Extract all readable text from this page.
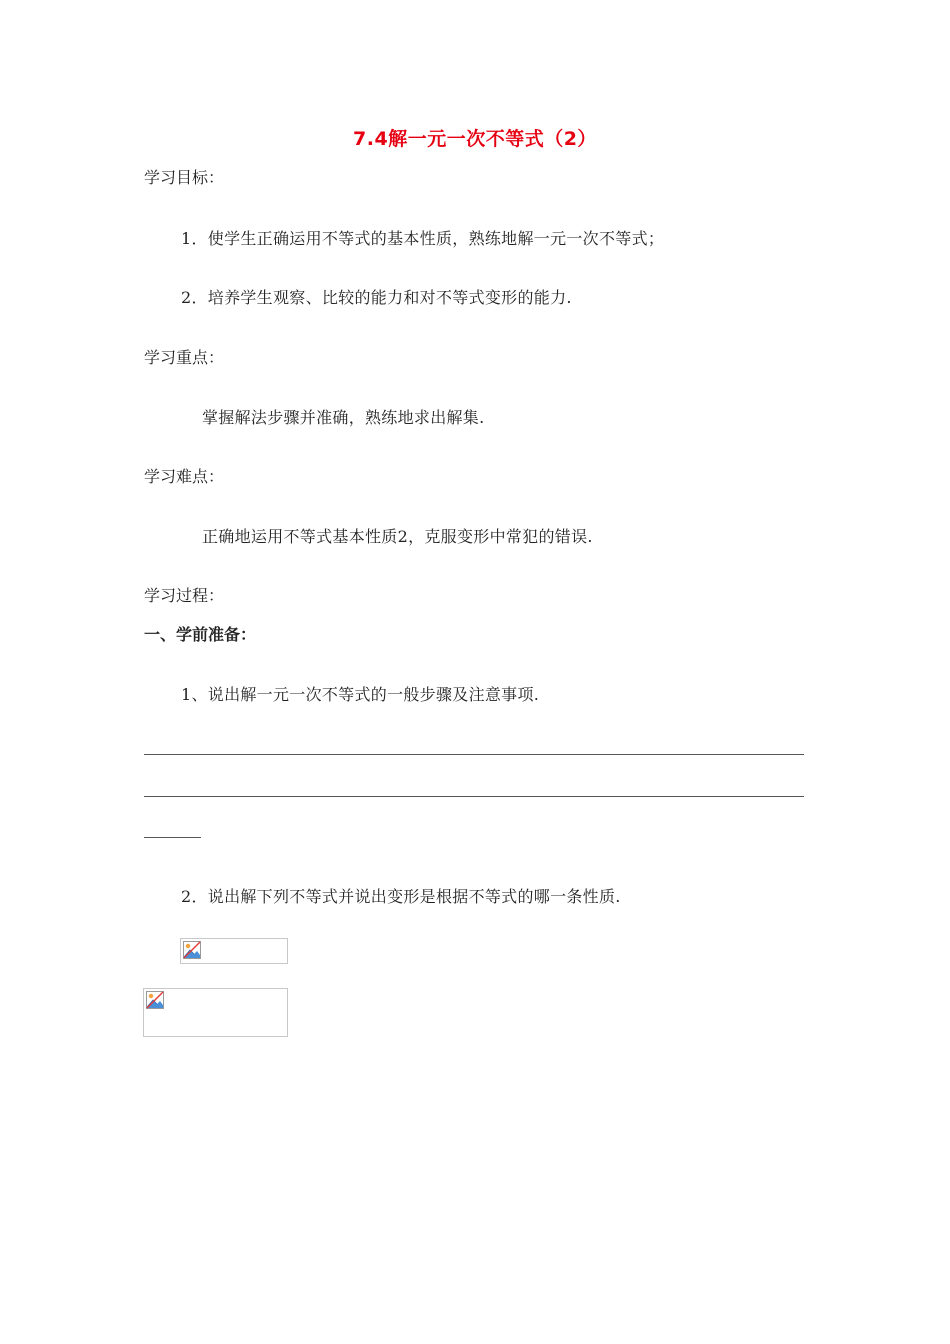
7.4解一元一次不等式（2）
学习目标：
1．使学生正确运用不等式的基本性质，熟练地解一元一次不等式；
2．培养学生观察、比较的能力和对不等式变形的能力.
学习重点：
掌握解法步骤并准确，熟练地求出解集.
学习难点：
正确地运用不等式基本性质2，克服变形中常犯的错误.
学习过程：
一、学前准备：
1、说出解一元一次不等式的一般步骤及注意事项.
2．说出解下列不等式并说出变形是根据不等式的哪一条性质.
